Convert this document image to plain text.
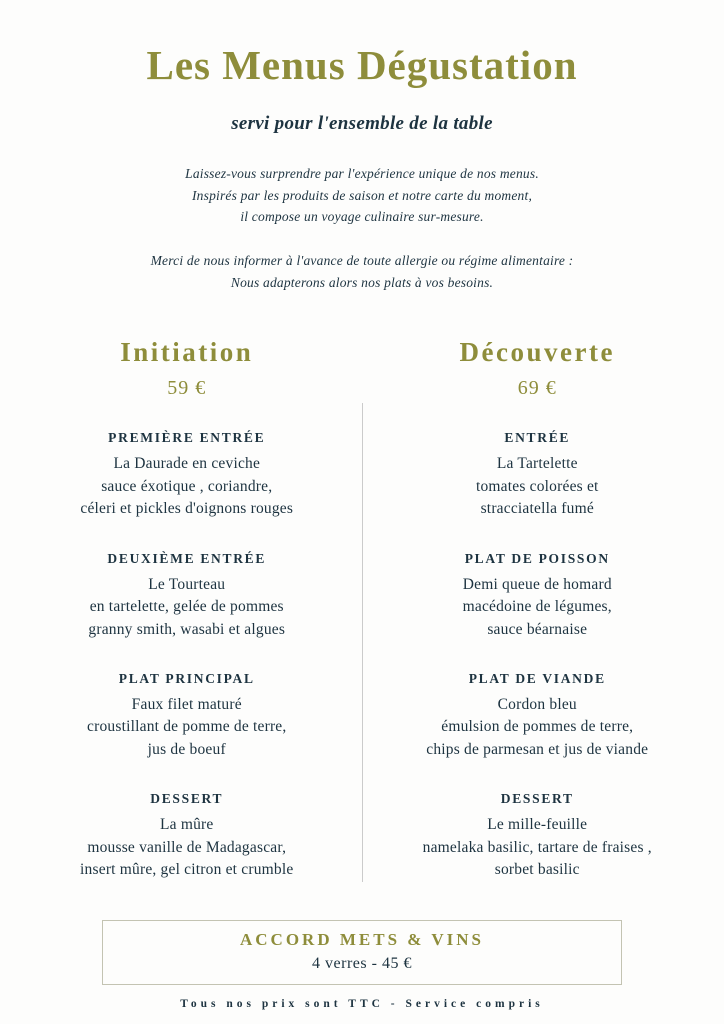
Les Menus Dégustation
servi pour l'ensemble de la table
Laissez-vous surprendre par l'expérience unique de nos menus.
Inspirés par les produits de saison et notre carte du moment,
il compose un voyage culinaire sur-mesure.
Merci de nous informer à l'avance de toute allergie ou régime alimentaire :
Nous adapterons alors nos plats à vos besoins.
Initiation
59 €
PREMIÈRE ENTRÉE
La Daurade en ceviche
sauce éxotique , coriandre,
céleri et pickles d'oignons rouges
DEUXIÈME ENTRÉE
Le Tourteau
en tartelette, gelée de pommes
granny smith, wasabi et algues
PLAT PRINCIPAL
Faux filet maturé
croustillant de pomme de terre,
jus de boeuf
DESSERT
La mûre
mousse vanille de Madagascar,
insert mûre, gel citron et crumble
Découverte
69 €
ENTRÉE
La Tartelette
tomates colorées et
stracciatella fumé
PLAT DE POISSON
Demi queue de homard
macédoine de légumes,
sauce béarnaise
PLAT DE VIANDE
Cordon bleu
émulsion de pommes de terre,
chips de parmesan et jus de viande
DESSERT
Le mille-feuille
namelaka basilic, tartare de fraises ,
sorbet basilic
ACCORD METS & VINS
4 verres - 45 €
Tous nos prix sont TTC - Service compris
